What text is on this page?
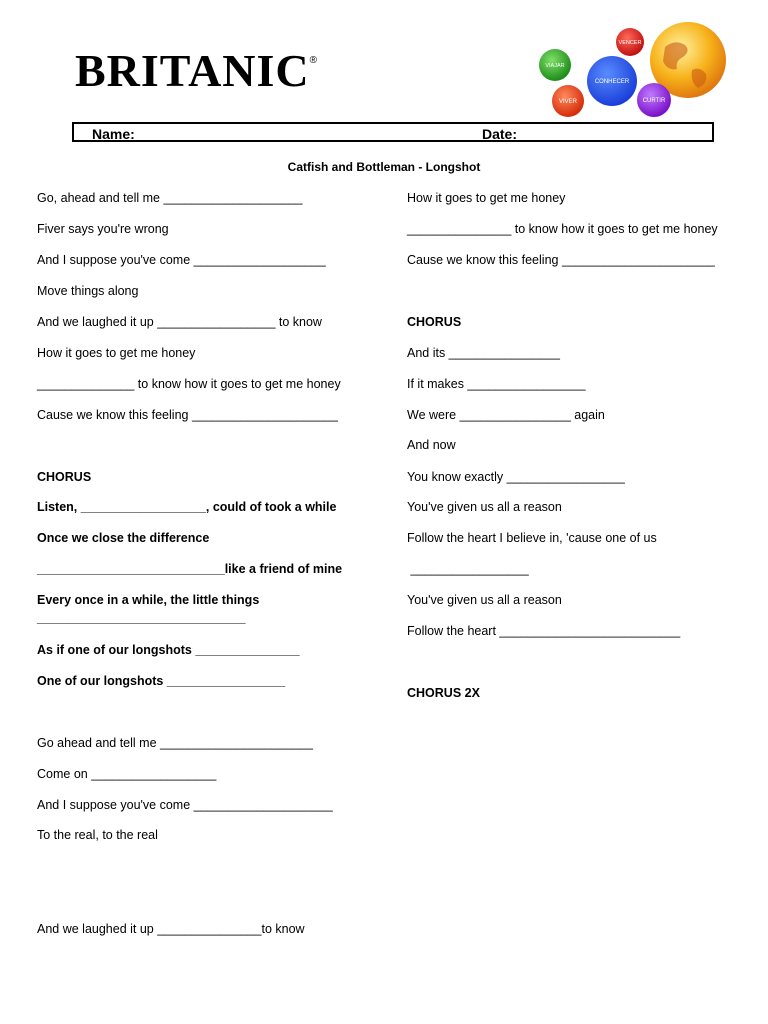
BRITANIC®
VENCER
VIAJAR
CONHECER
VIVER	CURTIR
Name:	Date:
Catfish and Bottleman - Longshot
Go, ahead and tell me ____________________
Fiver says you're wrong
And I suppose you've come ___________________
Move things along
And we laughed it up _________________ to know
How it goes to get me honey
______________ to know how it goes to get me honey
Cause we know this feeling _____________________
CHORUS
Listen, __________________, could of took a while
Once we close the difference
___________________________like a friend of mine
Every once in a while, the little things
______________________________
As if one of our longshots _______________
One of our longshots _________________
Go ahead and tell me ______________________
Come on __________________
And I suppose you've come ____________________
To the real, to the real
And we laughed it up _______________to know
How it goes to get me honey
_______________ to know how it goes to get me honey
Cause we know this feeling ______________________
CHORUS
And its ________________
If it makes _________________
We were ________________ again
And now
You know exactly _________________
You've given us all a reason
Follow the heart I believe in, 'cause one of us
_________________
You've given us all a reason
Follow the heart __________________________
CHORUS 2X
